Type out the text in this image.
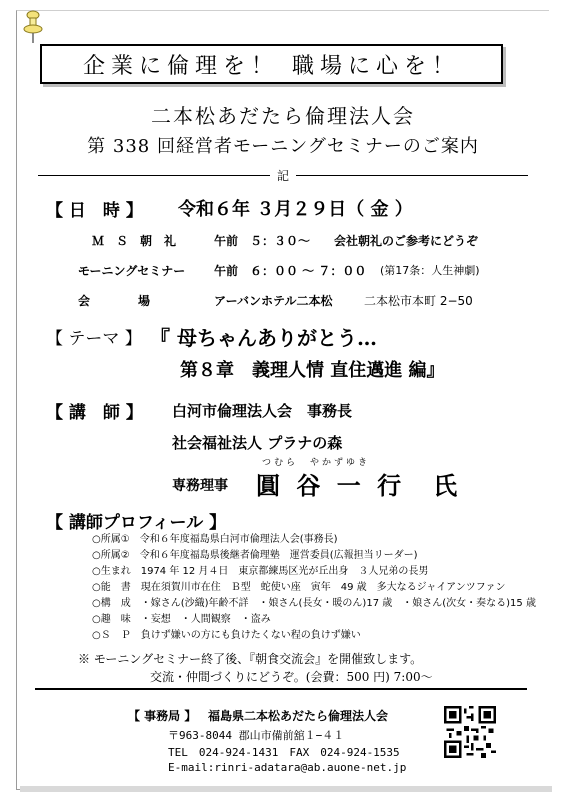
企業に倫理を！ 職場に心を！
二本松あだたら倫理法人会
第 338 回経営者モーニングセミナーのご案内
記
【 日　時 】 令和６年 ３月２９日（ 金 ）
Ｍ　Ｓ　朝　礼	午前　５：３０～ 会社朝礼のご参考にどうぞ
モーニングセミナー 午前　６：００ ～ ７：００ (第17条：人生神劇)
会　　　　場	アーバンホテル二本松	二本松市本町 2−50
【 テーマ 】 『 母ちゃんありがとう…
第８章　義理人情 直住邁進 編』
【 講　師 】 白河市倫理法人会　事務長
社会福祉法人 プラナの森
つむら　やかずゆき
専務理事 圓 谷 一 行　氏
【 講師プロフィール 】
○所属①　令和６年度福島県白河市倫理法人会(事務長)
○所属②　令和６年度福島県後継者倫理塾　運営委員(広報担当リーダー)
○生まれ　1974 年 12 月４日　東京都練馬区光が丘出身　３人兄弟の長男
○能　書　現在須賀川市在住　Ｂ型　蛇使い座　寅年　49 歳　多大なるジャイアンツファン
○構　成　・嫁さん(沙織)年齢不詳　・娘さん(長女・暖のん)17 歳　・娘さん(次女・奏なる)15 歳
○趣　味　・妄想　・人間観察　・盗み
○Ｓ　Ｐ　負けず嫌いの方にも負けたくない程の負けず嫌い
※ モーニングセミナー終了後、『朝食交流会』を開催致します。
交流・仲間づくりにどうぞ。(会費：500 円) 7:00～
【 事務局 】 福島県二本松あだたら倫理法人会
〒963-8044 郡山市備前舘１−４１
TEL　024-924-1431　FAX　024-924-1535
E-mail:rinri-adatara@ab.auone-net.jp
